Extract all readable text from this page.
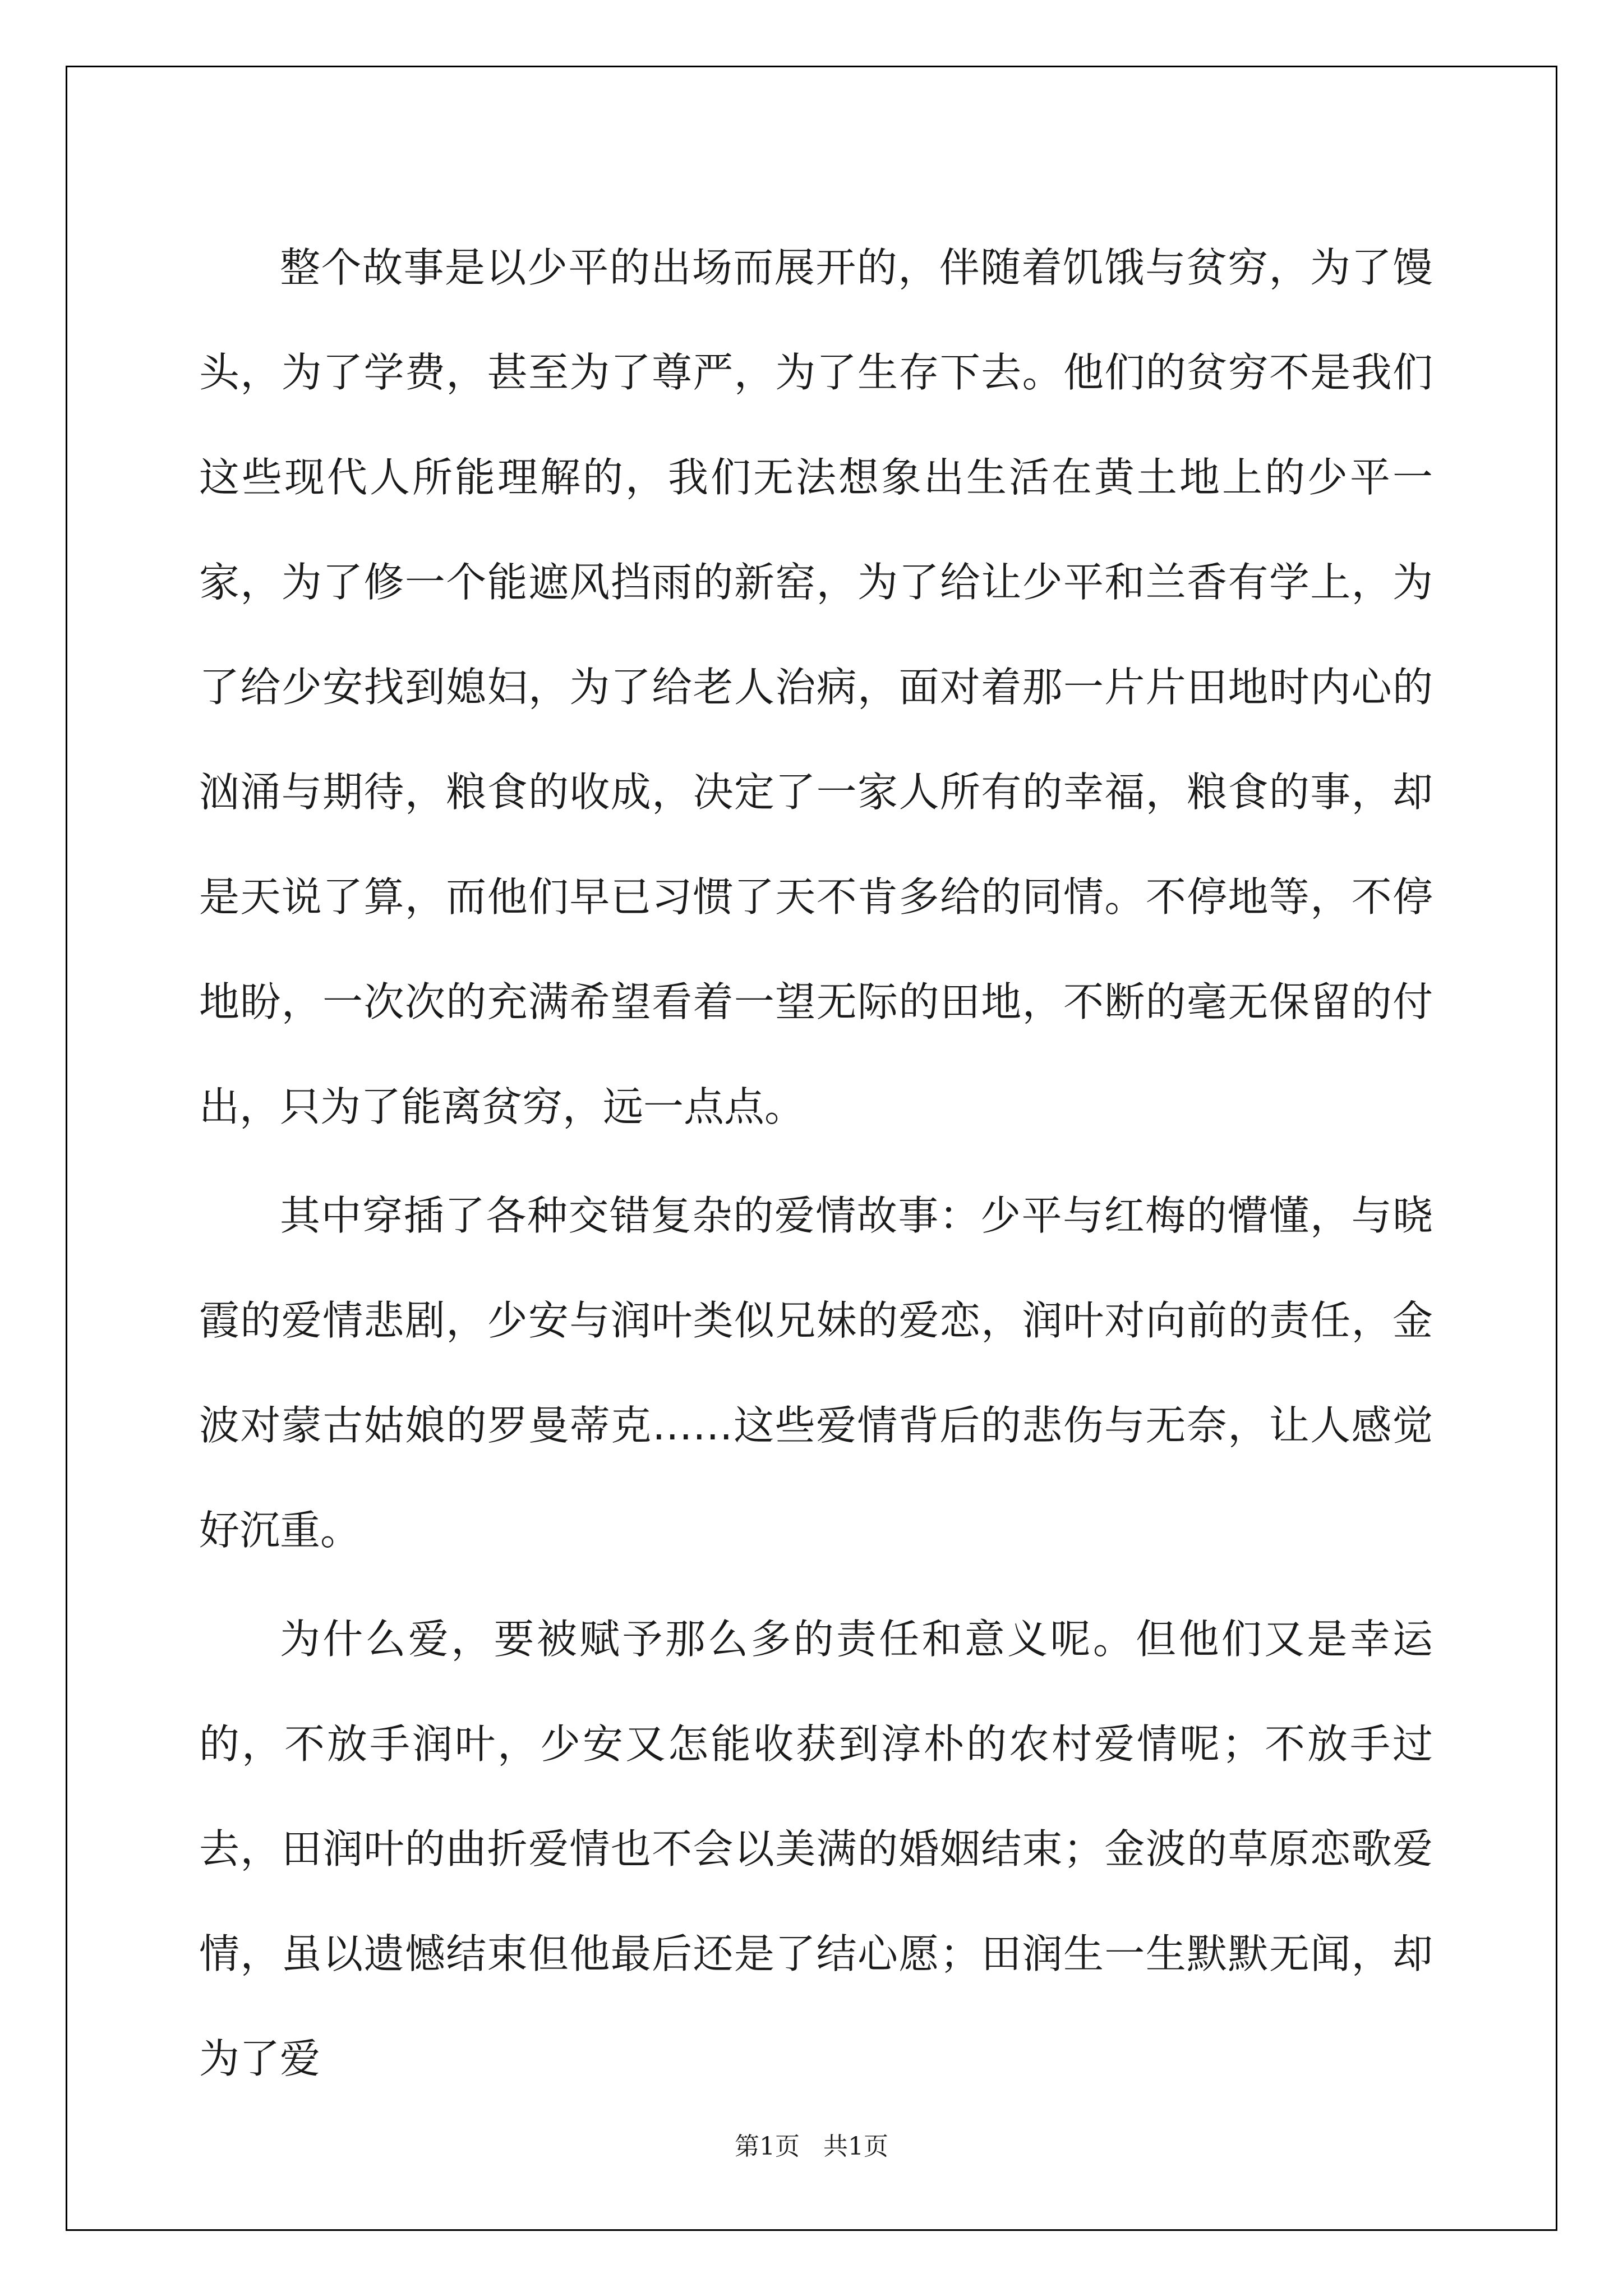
整个故事是以少平的出场而展开的，伴随着饥饿与贫穷，为了馒头，为了学费，甚至为了尊严，为了生存下去。他们的贫穷不是我们这些现代人所能理解的，我们无法想象出生活在黄土地上的少平一家，为了修一个能遮风挡雨的新窑，为了给让少平和兰香有学上，为了给少安找到媳妇，为了给老人治病，面对着那一片片田地时内心的汹涌与期待，粮食的收成，决定了一家人所有的幸福，粮食的事，却是天说了算，而他们早已习惯了天不肯多给的同情。不停地等，不停地盼，一次次的充满希望看着一望无际的田地，不断的毫无保留的付出，只为了能离贫穷，远一点点。

其中穿插了各种交错复杂的爱情故事：少平与红梅的懵懂，与晓霞的爱情悲剧，少安与润叶类似兄妹的爱恋，润叶对向前的责任，金波对蒙古姑娘的罗曼蒂克……这些爱情背后的悲伤与无奈，让人感觉好沉重。

为什么爱，要被赋予那么多的责任和意义呢。但他们又是幸运的，不放手润叶，少安又怎能收获到淳朴的农村爱情呢；不放手过去，田润叶的曲折爱情也不会以美满的婚姻结束；金波的草原恋歌爱情，虽以遗憾结束但他最后还是了结心愿；田润生一生默默无闻，却为了爱

第1页   共1页
